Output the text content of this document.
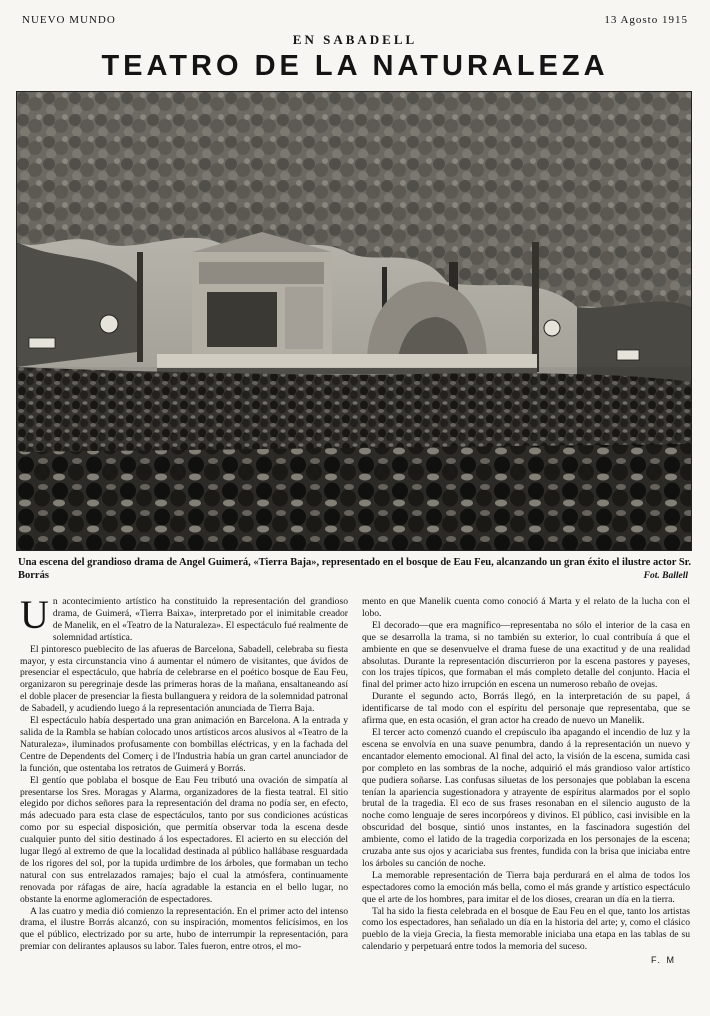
NUEVO MUNDO	13 Agosto 1915
EN SABADELL
TEATRO DE LA NATURALEZA
Una escena del grandioso drama de Angel Guimerá, «Tierra Baja», representado en el bosque de Eau Feu, alcanzando un gran éxito el ilustre actor Sr. Borrás	Fot. Ballell

Un acontecimiento artístico ha constituido la representación del grandioso drama, de Guimerá, «Tierra Baixa», interpretado por el inimitable creador de Manelik, en el «Teatro de la Naturaleza». El espectáculo fué realmente de solemnidad artística.

El pintoresco pueblecito de las afueras de Barcelona, Sabadell, celebraba su fiesta mayor, y esta circunstancia vino á aumentar el número de visitantes, que ávidos de presenciar el espectáculo, que habría de celebrarse en el poético bosque de Eau Feu, organizaron su peregrinaje desde las primeras horas de la mañana, ensaltaneando así el doble placer de presenciar la fiesta bullanguera y reidora de la solemnidad patronal de Sabadell, y acudiendo luego á la representación anunciada de Tierra Baja.

El espectáculo había despertado una gran animación en Barcelona. A la entrada y salida de la Rambla se habían colocado unos artísticos arcos alusivos al «Teatro de la Naturaleza», iluminados profusamente con bombillas eléctricas, y en la fachada del Centre de Dependents del Comerç i de l'Industria había un gran cartel anunciador de la función, que ostentaba los retratos de Guimerá y Borrás.

El gentío que poblaba el bosque de Eau Feu tributó una ovación de simpatía al presentarse los Sres. Moragas y Alarma, organizadores de la fiesta teatral. El sitio elegido por dichos señores para la representación del drama no podía ser, en efecto, más adecuado para esta clase de espectáculos, tanto por sus condiciones acústicas como por su especial disposición, que permitía observar toda la escena desde cualquier punto del sitio destinado á los espectadores. El acierto en su elección del lugar llegó al extremo de que la localidad destinada al público hallábase resguardada de los rigores del sol, por la tupida urdimbre de los árboles, que formaban un techo natural con sus entrelazados ramajes; bajo el cual la atmósfera, continuamente renovada por ráfagas de aire, hacía agradable la estancia en el bello lugar, no obstante la enorme aglomeración de espectadores.

A las cuatro y media dió comienzo la representación. En el primer acto del intenso drama, el ilustre Borrás alcanzó, con su inspiración, momentos felicísimos, en los que el público, electrizado por su arte, hubo de interrumpir la representación, para premiar con delirantes aplausos su labor. Tales fueron, entre otros, el mo-

mento en que Manelik cuenta como conoció á Marta y el relato de la lucha con el lobo.

El decorado—que era magnífico—representaba no sólo el interior de la casa en que se desarrolla la trama, si no también su exterior, lo cual contribuía á que el ambiente en que se desenvuelve el drama fuese de una exactitud y de una realidad absolutas. Durante la representación discurrieron por la escena pastores y payeses, con los trajes típicos, que formaban el más completo detalle del conjunto. Hacia el final del primer acto hizo irrupción en escena un numeroso rebaño de ovejas.

Durante el segundo acto, Borrás llegó, en la interpretación de su papel, á identificarse de tal modo con el espíritu del personaje que representaba, que se afirma que, en esta ocasión, el gran actor ha creado de nuevo un Manelik.

El tercer acto comenzó cuando el crepúsculo iba apagando el incendio de luz y la escena se envolvía en una suave penumbra, dando á la representación un nuevo y encantador elemento emocional. Al final del acto, la visión de la escena, sumida casi por completo en las sombras de la noche, adquirió el más grandioso valor artístico que pudiera soñarse. Las confusas siluetas de los personajes que poblaban la escena tenían la apariencia sugestionadora y atrayente de espíritus alarmados por el soplo brutal de la tragedia. El eco de sus frases resonaban en el silencio augusto de la noche como lenguaje de seres incorpóreos y divinos. El público, casi invisible en la obscuridad del bosque, sintió unos instantes, en la fascinadora sugestión del ambiente, como el latido de la tragedia corporizada en los personajes de la escena; cruzaba ante sus ojos y acariciaba sus frentes, fundida con la brisa que iniciaba entre los árboles su canción de noche.

La memorable representación de Tierra baja perdurará en el alma de todos los espectadores como la emoción más bella, como el más grande y artístico espectáculo que el arte de los hombres, para imitar el de los dioses, crearan un día en la tierra.

Tal ha sido la fiesta celebrada en el bosque de Eau Feu en el que, tanto los artistas como los espectadores, han señalado un día en la historia del arte; y, como el clásico pueblo de la vieja Grecia, la fiesta memorable iniciaba una etapa en las tablas de su calendario y perpetuará entre todos la memoria del suceso.

F. M
